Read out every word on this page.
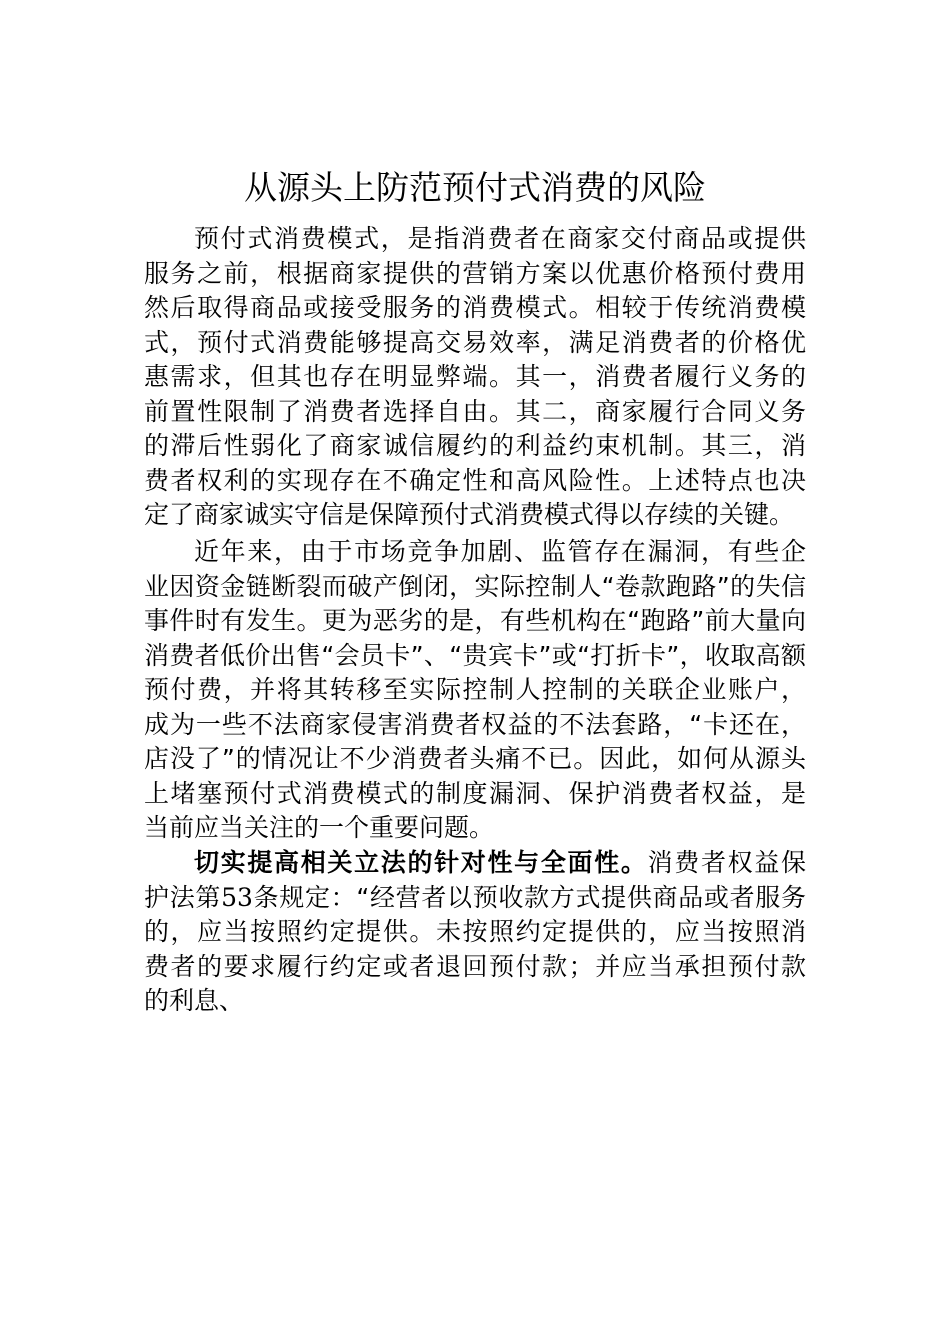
从源头上防范预付式消费的风险
预付式消费模式，是指消费者在商家交付商品或提供
服务之前，根据商家提供的营销方案以优惠价格预付费用
然后取得商品或接受服务的消费模式。相较于传统消费模
式，预付式消费能够提高交易效率，满足消费者的价格优
惠需求，但其也存在明显弊端。其一，消费者履行义务的
前置性限制了消费者选择自由。其二，商家履行合同义务
的滞后性弱化了商家诚信履约的利益约束机制。其三，消
费者权利的实现存在不确定性和高风险性。上述特点也决
定了商家诚实守信是保障预付式消费模式得以存续的关键。
近年来，由于市场竞争加剧、监管存在漏洞，有些企
业因资金链断裂而破产倒闭，实际控制人“卷款跑路”的失信
事件时有发生。更为恶劣的是，有些机构在“跑路”前大量向
消费者低价出售“会员卡”、“贵宾卡”或“打折卡”，收取高额
预付费，并将其转移至实际控制人控制的关联企业账户，
成为一些不法商家侵害消费者权益的不法套路，“卡还在，
店没了”的情况让不少消费者头痛不已。因此，如何从源头
上堵塞预付式消费模式的制度漏洞、保护消费者权益，是
当前应当关注的一个重要问题。
切实提高相关立法的针对性与全面性。消费者权益保
护法第53条规定：“经营者以预收款方式提供商品或者服务
的，应当按照约定提供。未按照约定提供的，应当按照消
费者的要求履行约定或者退回预付款；并应当承担预付款
的利息、
